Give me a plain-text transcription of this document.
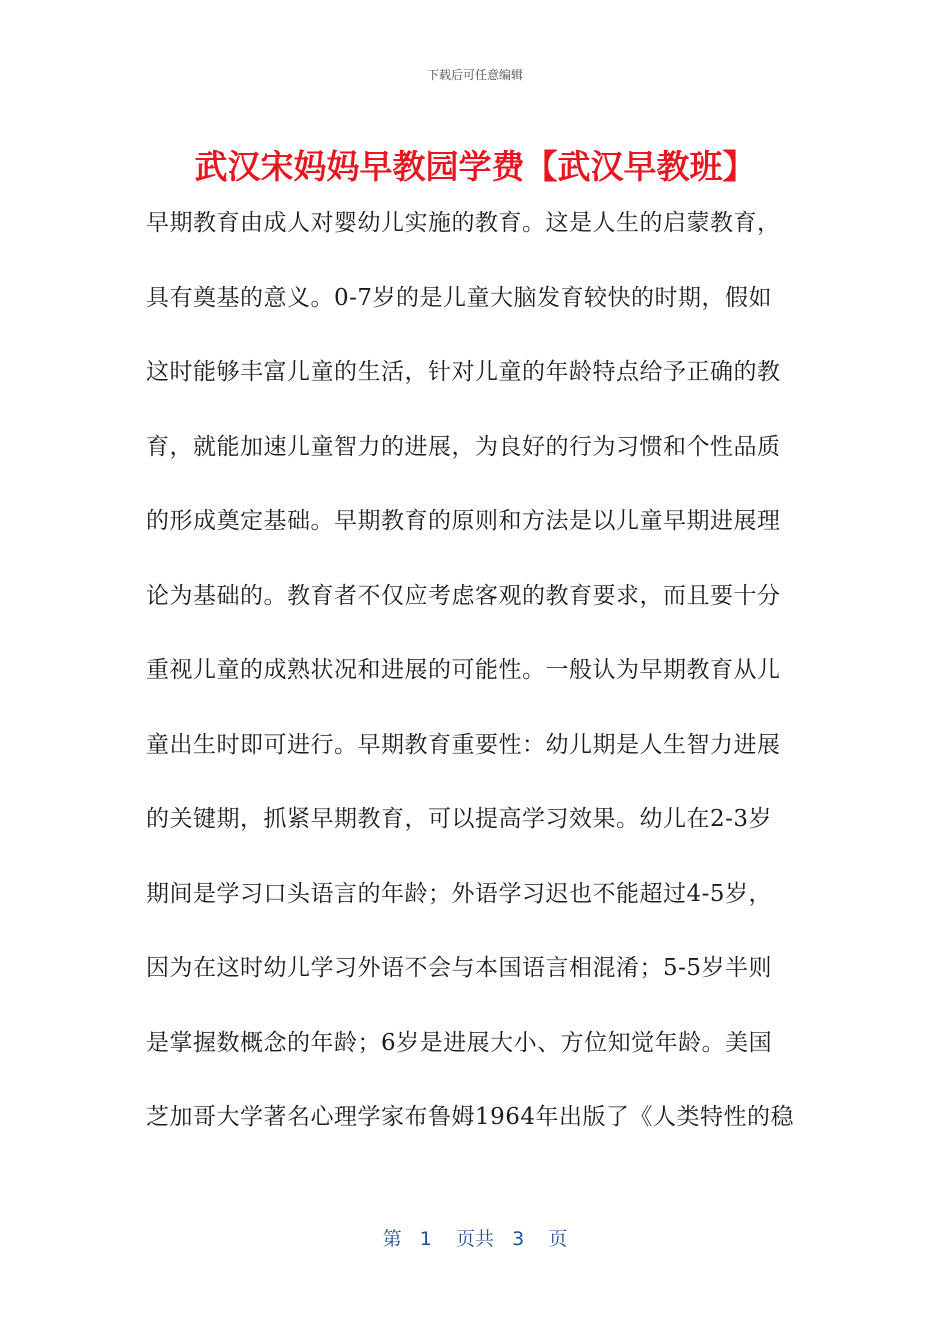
下载后可任意编辑
武汉宋妈妈早教园学费【武汉早教班】
早期教育由成人对婴幼儿实施的教育。这是人生的启蒙教育，
具有奠基的意义。0-7岁的是儿童大脑发育较快的时期，假如
这时能够丰富儿童的生活，针对儿童的年龄特点给予正确的教
育，就能加速儿童智力的进展，为良好的行为习惯和个性品质
的形成奠定基础。早期教育的原则和方法是以儿童早期进展理
论为基础的。教育者不仅应考虑客观的教育要求，而且要十分
重视儿童的成熟状况和进展的可能性。一般认为早期教育从儿
童出生时即可进行。早期教育重要性：幼儿期是人生智力进展
的关键期，抓紧早期教育，可以提高学习效果。幼儿在2-3岁
期间是学习口头语言的年龄；外语学习迟也不能超过4-5岁，
因为在这时幼儿学习外语不会与本国语言相混淆；5-5岁半则
是掌握数概念的年龄；6岁是进展大小、方位知觉年龄。美国
芝加哥大学著名心理学家布鲁姆1964年出版了《人类特性的稳
第 1 页共 3 页
